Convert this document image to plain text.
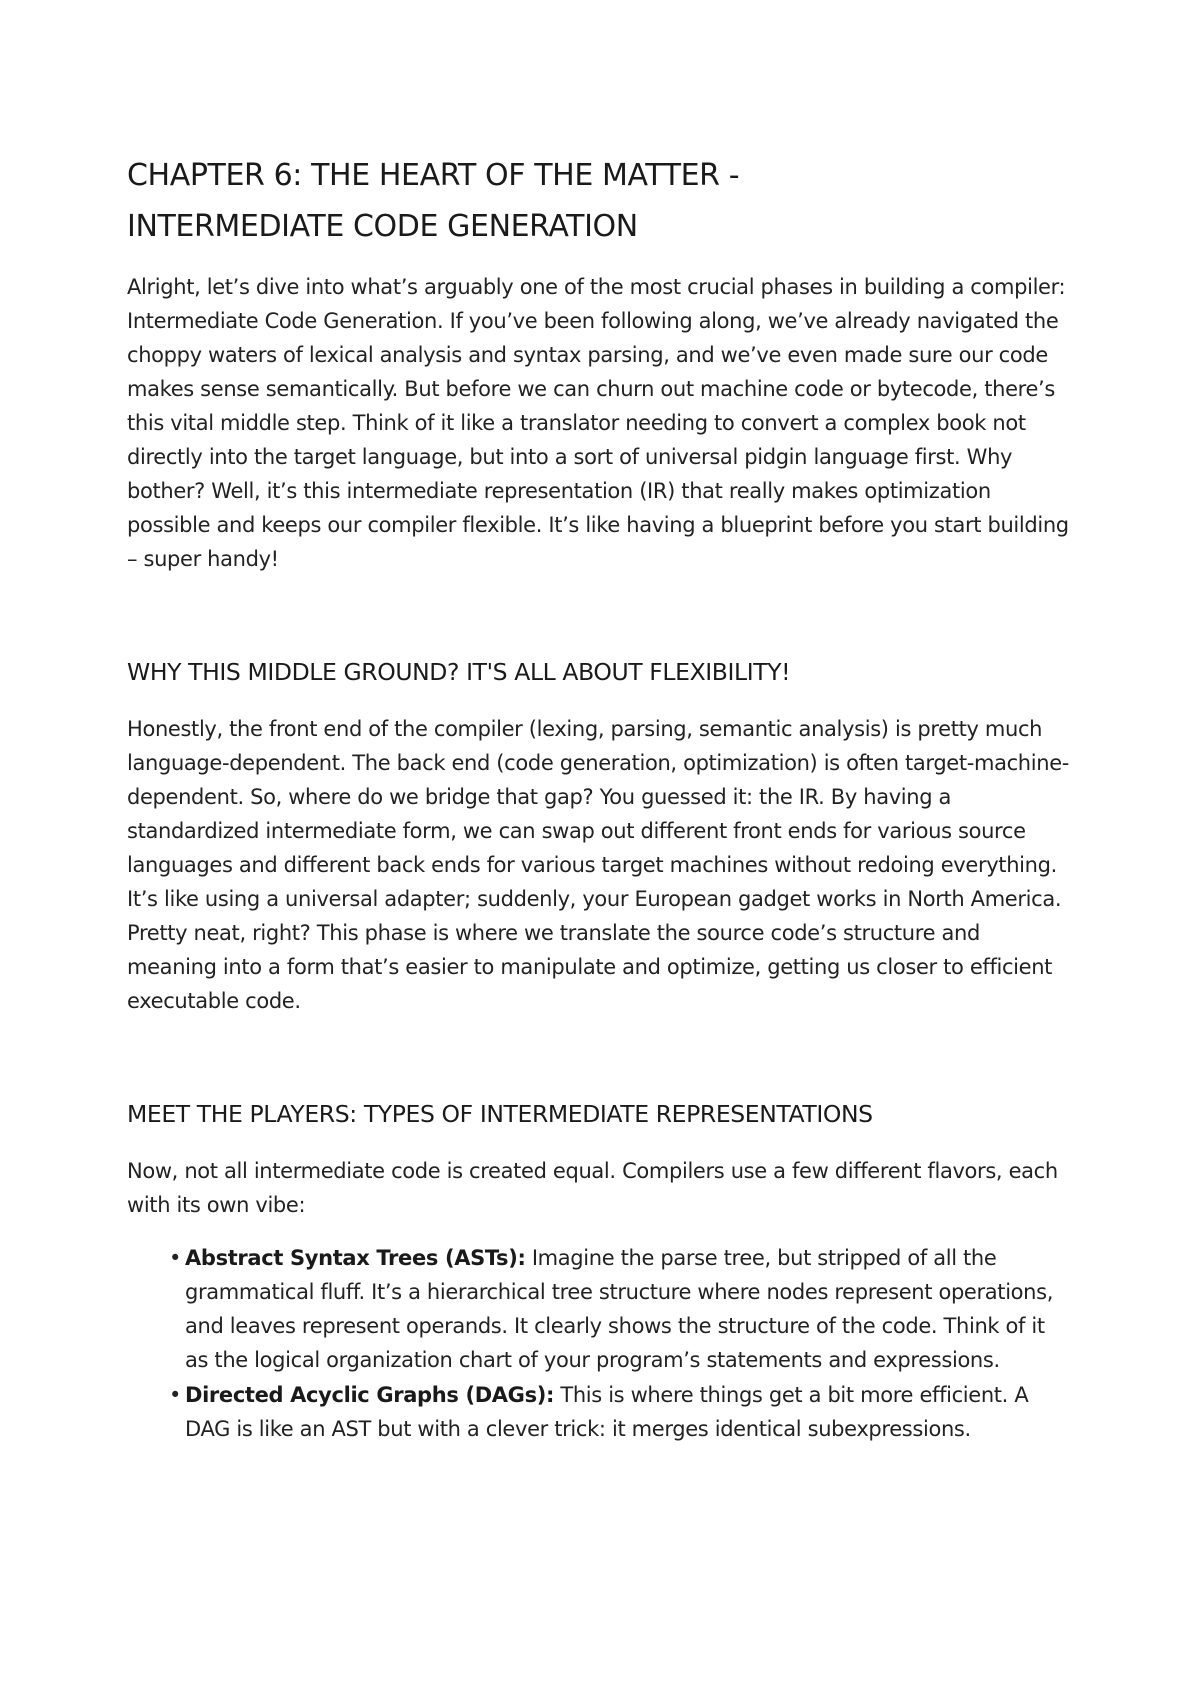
CHAPTER 6: THE HEART OF THE MATTER -
INTERMEDIATE CODE GENERATION

Alright, let’s dive into what’s arguably one of the most crucial phases in building a compiler: Intermediate Code Generation. If you’ve been following along, we’ve already navigated the choppy waters of lexical analysis and syntax parsing, and we’ve even made sure our code makes sense semantically. But before we can churn out machine code or bytecode, there’s this vital middle step. Think of it like a translator needing to convert a complex book not directly into the target language, but into a sort of universal pidgin language first. Why bother? Well, it’s this intermediate representation (IR) that really makes optimization possible and keeps our compiler flexible. It’s like having a blueprint before you start building – super handy!

WHY THIS MIDDLE GROUND? IT'S ALL ABOUT FLEXIBILITY!

Honestly, the front end of the compiler (lexing, parsing, semantic analysis) is pretty much language-dependent. The back end (code generation, optimization) is often target-machine-dependent. So, where do we bridge that gap? You guessed it: the IR. By having a standardized intermediate form, we can swap out different front ends for various source languages and different back ends for various target machines without redoing everything. It’s like using a universal adapter; suddenly, your European gadget works in North America. Pretty neat, right? This phase is where we translate the source code’s structure and meaning into a form that’s easier to manipulate and optimize, getting us closer to efficient executable code.

MEET THE PLAYERS: TYPES OF INTERMEDIATE REPRESENTATIONS

Now, not all intermediate code is created equal. Compilers use a few different flavors, each with its own vibe:

• Abstract Syntax Trees (ASTs): Imagine the parse tree, but stripped of all the grammatical fluff. It’s a hierarchical tree structure where nodes represent operations, and leaves represent operands. It clearly shows the structure of the code. Think of it as the logical organization chart of your program’s statements and expressions.
• Directed Acyclic Graphs (DAGs): This is where things get a bit more efficient. A DAG is like an AST but with a clever trick: it merges identical subexpressions.
